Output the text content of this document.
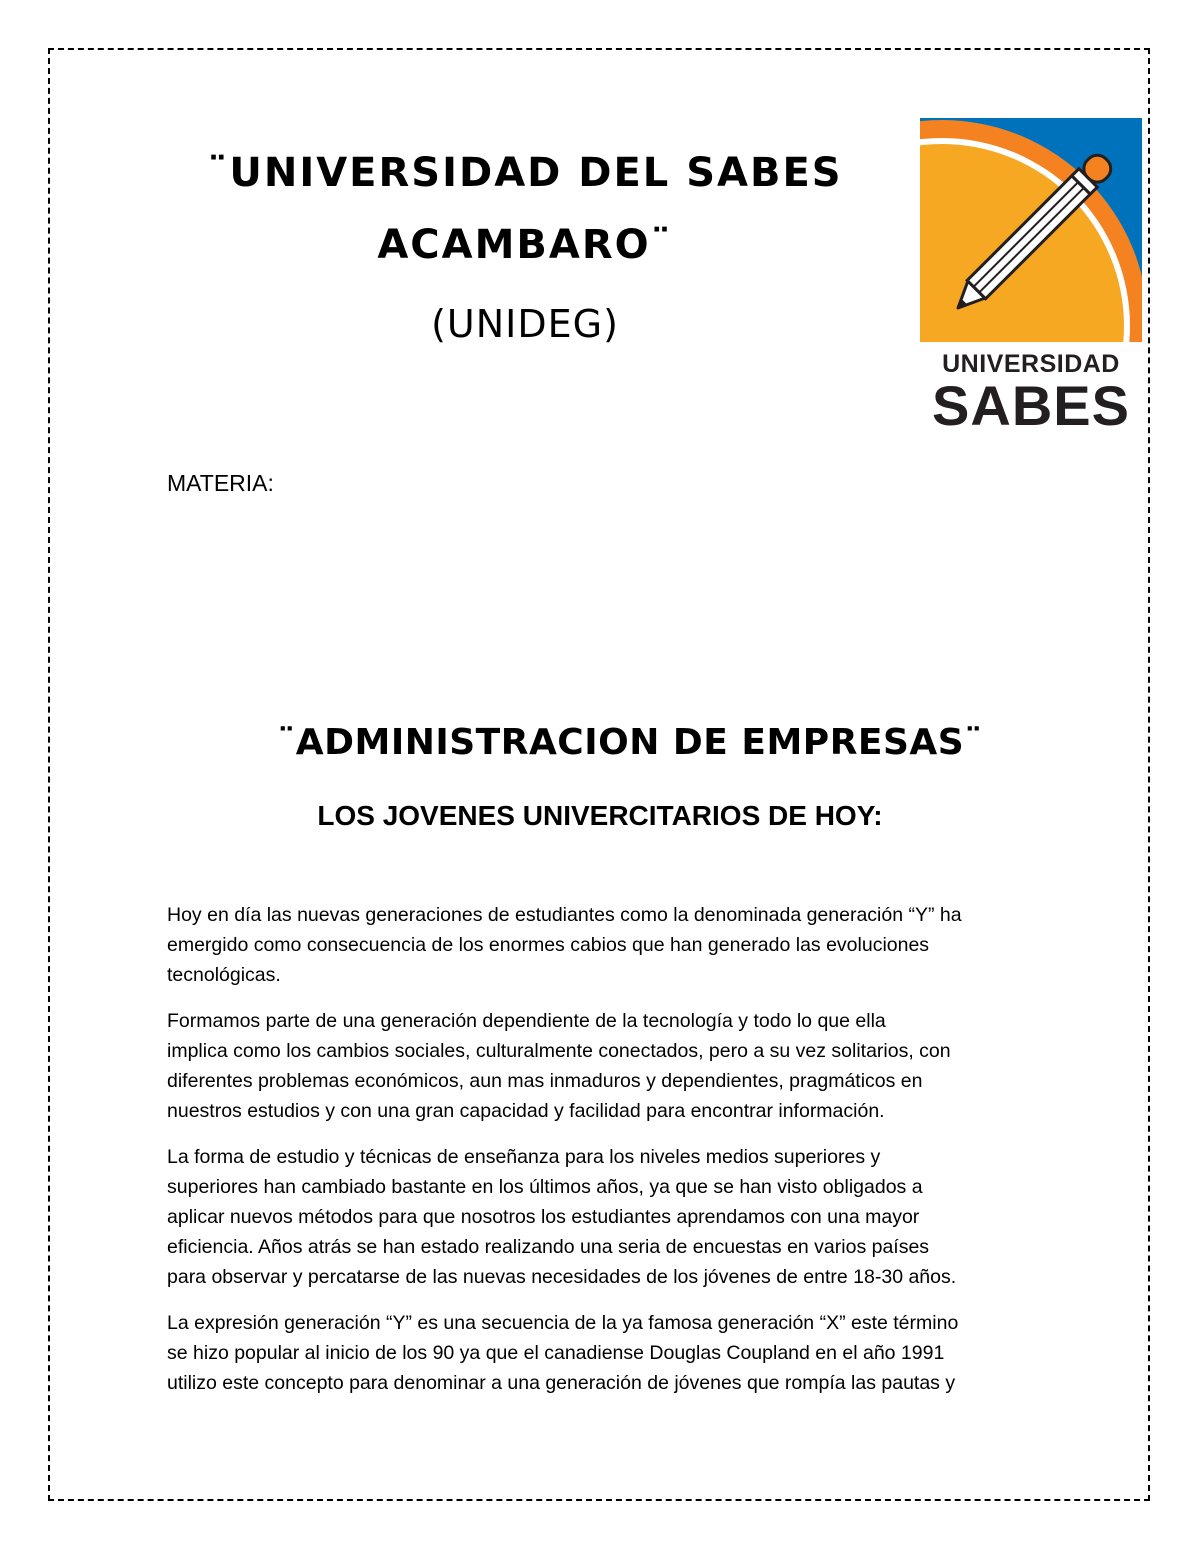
¨UNIVERSIDAD DEL SABES
ACAMBARO¨
(UNIDEG)
UNIVERSIDAD
SABES
MATERIA:
¨ADMINISTRACION DE EMPRESAS¨
LOS JOVENES UNIVERCITARIOS DE HOY:
Hoy en día las nuevas generaciones de estudiantes como la denominada generación “Y” ha
emergido como consecuencia de los enormes cabios que han generado las evoluciones
tecnológicas.
Formamos parte de una generación dependiente de la tecnología y todo lo que ella
implica como los cambios sociales, culturalmente conectados, pero a su vez solitarios, con
diferentes problemas económicos, aun mas inmaduros y dependientes, pragmáticos en
nuestros estudios y con una gran capacidad y facilidad para encontrar información.
La forma de estudio y técnicas de enseñanza para los niveles medios superiores y
superiores han cambiado bastante en los últimos años, ya que se han visto obligados a
aplicar nuevos métodos para que nosotros los estudiantes aprendamos con una mayor
eficiencia. Años atrás se han estado realizando una seria de encuestas en varios países
para observar y percatarse de las nuevas necesidades de los jóvenes de entre 18-30 años.
La expresión generación “Y” es una secuencia de la ya famosa generación “X” este término
se hizo popular al inicio de los 90 ya que el canadiense Douglas Coupland en el año 1991
utilizo este concepto para denominar a una generación de jóvenes que rompía las pautas y
